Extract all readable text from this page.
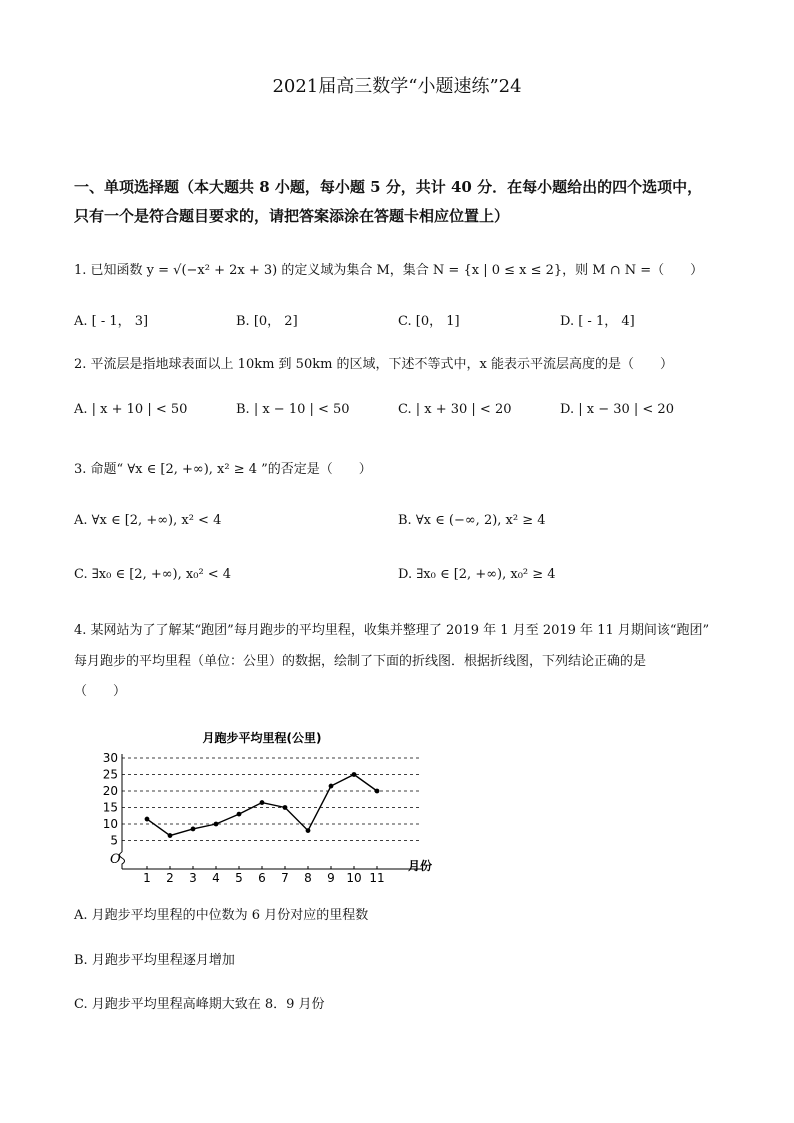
2021届高三数学“小题速练”24
一、单项选择题（本大题共 8 小题，每小题 5 分，共计 40 分．在每小题给出的四个选项中，
只有一个是符合题目要求的，请把答案添涂在答题卡相应位置上）
1. 已知函数 y = √(−x² + 2x + 3) 的定义域为集合 M，集合 N = {x | 0 ≤ x ≤ 2}，则 M ∩ N =（　　）
A. [ - 1， 3]	B. [0， 2]	C. [0， 1]	D. [ - 1， 4]
2. 平流层是指地球表面以上 10km 到 50km 的区域，下述不等式中，x 能表示平流层高度的是（　　）
A. | x + 10 | < 50	B. | x − 10 | < 50	C. | x + 30 | < 20	D. | x − 30 | < 20
3. 命题“ ∀x ∈ [2, +∞), x² ≥ 4 ”的否定是（　　）
A. ∀x ∈ [2, +∞), x² < 4	B. ∀x ∈ (−∞, 2), x² ≥ 4
C. ∃x₀ ∈ [2, +∞), x₀² < 4	D. ∃x₀ ∈ [2, +∞), x₀² ≥ 4
4. 某网站为了了解某“跑团”每月跑步的平均里程，收集并整理了 2019 年 1 月至 2019 年 11 月期间该“跑团”
每月跑步的平均里程（单位：公里）的数据，绘制了下面的折线图．根据折线图，下列结论正确的是
（　　）
月跑步平均里程(公里)
5
10
15
20
25
30
1 2 3 4 5 6 7 8 9 10 11
O	月份
A. 月跑步平均里程的中位数为 6 月份对应的里程数
B. 月跑步平均里程逐月增加
C. 月跑步平均里程高峰期大致在 8．9 月份
